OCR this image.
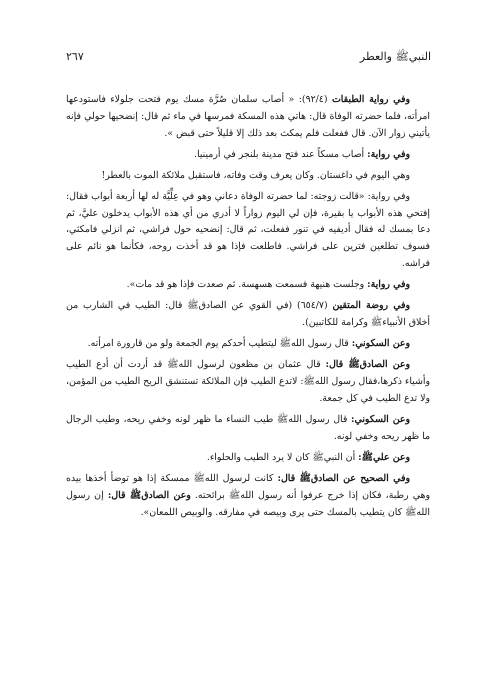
النبيﷺ والعطر
٢٦٧

وفي رواية الطبقات (٩٢/٤): « أصاب سلمان صُرَّة مسك يوم فتحت جلولاء فاستودعها امرأته، فلما حضرته الوفاة قال: هاتي هذه المسكة فمرسها في ماء ثم قال: إنضحيها حولي فإنه يأتيني زوار الآن. قال ففعلت فلم يمكث بعد ذلك إلا قليلاً حتى قبض ».

وفي رواية: أصاب مسكاً عند فتح مدينة بلنجر في أرمينيا.

وهي اليوم في داغستان. وكان يعرف وقت وفاته، فاستقبل ملائكة الموت بالعطر!

وفي رواية: «قالت زوجته: لما حضرته الوفاة دعاني وهو في عِلِّيَّة له لها أربعة أبواب فقال: إفتحي هذه الأبواب يا بقيرة، فإن لي اليوم زواراً لا أدري من أي هذه الأبواب يدخلون عليَّ، ثم دعا بمسك له فقال أديفيه في تنور ففعلت، ثم قال: إنضحيه حول فراشي، ثم انزلي فامكثي، فسوف تطلعين فترين على فراشي. فاطلعت فإذا هو قد أخذت روحه، فكأنما هو نائم على فراشه.

وفي رواية: وجلست هنيهة فسمعت هسهسة. ثم صعدت فإذا هو قد مات».

وفي روضة المتقين (٦٥٤/٧) (في القوي عن الصادقﷺ قال: الطيب في الشارب من أخلاق الأنبياءﷺ وكرامة للكاتبين).

وعن السكوني: قال رسول اللهﷺ ليتطيب أحدكم يوم الجمعة ولو من قارورة امرأته.

وعن الصادقﷺ قال: قال عثمان بن مظعون لرسول اللهﷺ قد أردت أن أدع الطيب وأشياء ذكرها،فقال رسول اللهﷺ: لاتدع الطيب فإن الملائكة تستنشق الريح الطيب من المؤمن، ولا تدع الطيب في كل جمعة.

وعن السكوني: قال رسول اللهﷺ طيب النساء ما ظهر لونه وخفي ريحه، وطيب الرجال ما ظهر ريحه وخفي لونه.

وعن عليﷺ: أن النبيﷺ كان لا يرد الطيب والحلواء.

وفي الصحيح عن الصادقﷺ قال: كانت لرسول اللهﷺ ممسكة إذا هو توضأ أخذها بيده وهي رطبة، فكان إذا خرج عرفوا أنه رسول اللهﷺ برائحته. وعن الصادقﷺ قال: إن رسول اللهﷺ كان يتطيب بالمسك حتى يرى وبيصه في مفارقه. والوبيص اللمعان».
